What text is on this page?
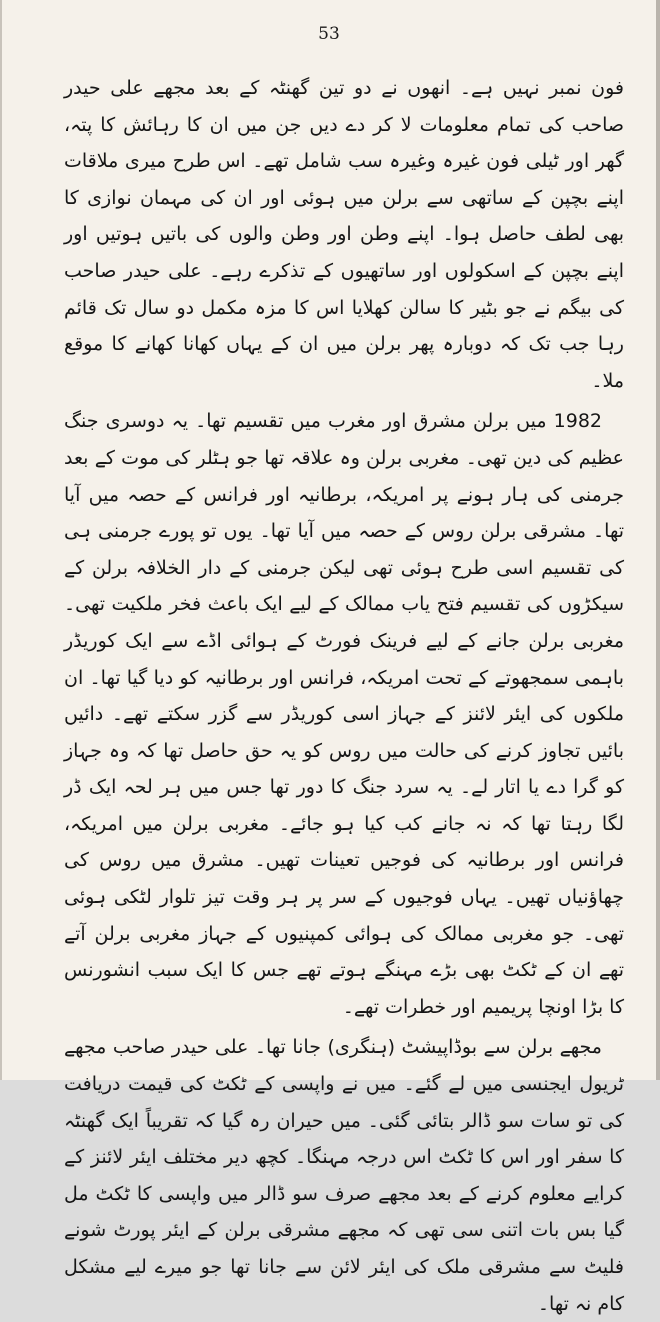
53

فون نمبر نہیں ہے۔ انھوں نے دو تین گھنٹہ کے بعد مجھے علی حیدر صاحب کی تمام معلومات لا کر دے دیں جن میں ان کا رہائش کا پتہ، گھر اور ٹیلی فون غیرہ وغیرہ سب شامل تھے۔ اس طرح میری ملاقات اپنے بچپن کے ساتھی سے برلن میں ہوئی اور ان کی مہمان نوازی کا بھی لطف حاصل ہوا۔ اپنے وطن اور وطن والوں کی باتیں ہوتیں اور اپنے بچپن کے اسکولوں اور ساتھیوں کے تذکرے رہے۔ علی حیدر صاحب کی بیگم نے جو بٹیر کا سالن کھلایا اس کا مزہ مکمل دو سال تک قائم رہا جب تک کہ دوبارہ پھر برلن میں ان کے یہاں کھانا کھانے کا موقع ملا۔

1982 میں برلن مشرق اور مغرب میں تقسیم تھا۔ یہ دوسری جنگ عظیم کی دین تھی۔ مغربی برلن وہ علاقہ تھا جو ہٹلر کی موت کے بعد جرمنی کی ہار ہونے پر امریکہ، برطانیہ اور فرانس کے حصہ میں آیا تھا۔ مشرقی برلن روس کے حصہ میں آیا تھا۔ یوں تو پورے جرمنی ہی کی تقسیم اسی طرح ہوئی تھی لیکن جرمنی کے دار الخلافہ برلن کے سیکڑوں کی تقسیم فتح یاب ممالک کے لیے ایک باعث فخر ملکیت تھی۔ مغربی برلن جانے کے لیے فرینک فورٹ کے ہوائی اڈے سے ایک کوریڈر باہمی سمجھوتے کے تحت امریکہ، فرانس اور برطانیہ کو دیا گیا تھا۔ ان ملکوں کی ایئر لائنز کے جہاز اسی کوریڈر سے گزر سکتے تھے۔ دائیں بائیں تجاوز کرنے کی حالت میں روس کو یہ حق حاصل تھا کہ وہ جہاز کو گرا دے یا اتار لے۔ یہ سرد جنگ کا دور تھا جس میں ہر لحہ ایک ڈر لگا رہتا تھا کہ نہ جانے کب کیا ہو جائے۔ مغربی برلن میں امریکہ، فرانس اور برطانیہ کی فوجیں تعینات تھیں۔ مشرق میں روس کی چھاؤنیاں تھیں۔ یہاں فوجیوں کے سر پر ہر وقت تیز تلوار لٹکی ہوئی تھی۔ جو مغربی ممالک کی ہوائی کمپنیوں کے جہاز مغربی برلن آتے تھے ان کے ٹکٹ بھی بڑے مہنگے ہوتے تھے جس کا ایک سبب انشورنس کا بڑا اونچا پریمیم اور خطرات تھے۔

مجھے برلن سے بوڈاپیشٹ (ہنگری) جانا تھا۔ علی حیدر صاحب مجھے ٹریول ایجنسی میں لے گئے۔ میں نے واپسی کے ٹکٹ کی قیمت دریافت کی تو سات سو ڈالر بتائی گئی۔ میں حیران رہ گیا کہ تقریباً ایک گھنٹہ کا سفر اور اس کا ٹکٹ اس درجہ مہنگا۔ کچھ دیر مختلف ایئر لائنز کے کرایے معلوم کرنے کے بعد مجھے صرف سو ڈالر میں واپسی کا ٹکٹ مل گیا بس بات اتنی سی تھی کہ مجھے مشرقی برلن کے ایئر پورٹ شونے فلیٹ سے مشرقی ملک کی ایئر لائن سے جانا تھا جو میرے لیے مشکل کام نہ تھا۔
